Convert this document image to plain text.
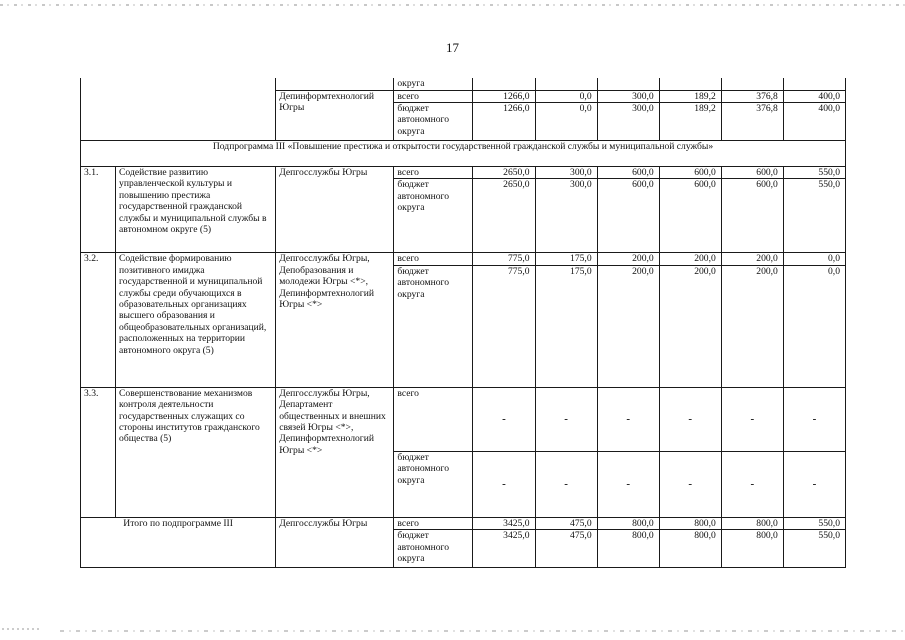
17
			округа						
		Депинформтехнологий Югры	всего	1266,0	0,0	300,0	189,2	376,8	400,0
			бюджет автономного округа	1266,0	0,0	300,0	189,2	376,8	400,0
Подпрограмма III «Повышение престижа и открытости государственной гражданской службы и муниципальной службы»									
3.1.	Содействие развитию управленческой культуры и повышению престижа государственной гражданской службы и муниципальной службы в автономном округе (5)	Депгосслужбы Югры	всего	2650,0	300,0	600,0	600,0	600,0	550,0
			бюджет автономного округа	2650,0	300,0	600,0	600,0	600,0	550,0
3.2.	Содействие формированию позитивного имиджа государственной и муниципальной службы среди обучающихся в образовательных организациях высшего образования и общеобразовательных организаций, расположенных на территории автономного округа (5)	Депгосслужбы Югры, Депобразования и молодежи Югры <*>, Депинформтехнологий Югры <*>	всего	775,0	175,0	200,0	200,0	200,0	0,0
			бюджет автономного округа	775,0	175,0	200,0	200,0	200,0	0,0
3.3.	Совершенствование механизмов контроля деятельности государственных служащих со стороны институтов гражданского общества (5)	Депгосслужбы Югры, Департамент общественных и внешних связей Югры <*>, Депинформтехнологий Югры <*>	всего	-	-	-	-	-	-
			бюджет автономного округа	-	-	-	-	-	-
Итого по подпрограмме III		Депгосслужбы Югры	всего	3425,0	475,0	800,0	800,0	800,0	550,0
			бюджет автономного округа	3425,0	475,0	800,0	800,0	800,0	550,0
